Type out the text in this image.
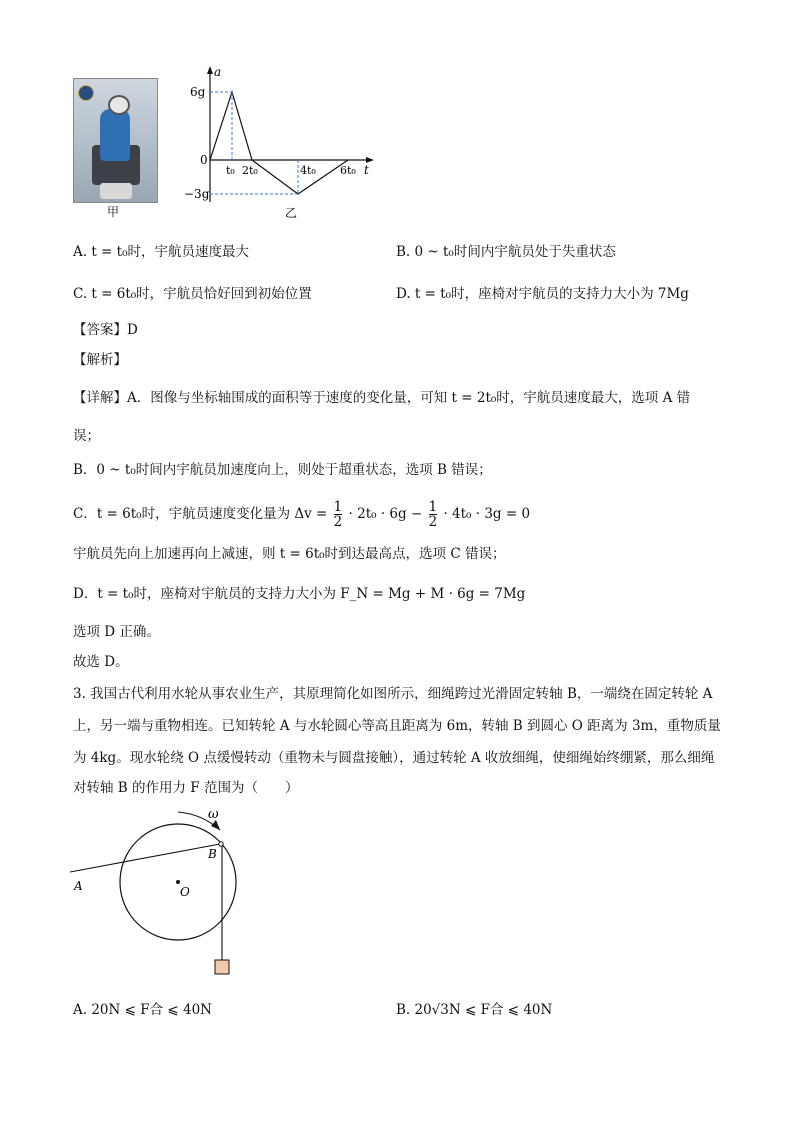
甲
a
6g
0
−3g
t₀ 2t₀	4t₀ 6t₀ t
乙
A. t = t₀时，宇航员速度最大	B. 0 ~ t₀时间内宇航员处于失重状态
C. t = 6t₀时，宇航员恰好回到初始位置	D. t = t₀时，座椅对宇航员的支持力大小为 7Mg
【答案】D
【解析】
【详解】A．图像与坐标轴围成的面积等于速度的变化量，可知 t = 2t₀时，宇航员速度最大，选项 A 错
误；
B．0 ~ t₀时间内宇航员加速度向上，则处于超重状态，选项 B 错误；
C．t = 6t₀时，宇航员速度变化量为 $\Delta v = \frac{1}{2} \cdot 2t_0 \cdot 6g - \frac{1}{2} \cdot 4t_0 \cdot 3g = 0$
宇航员先向上加速再向上减速，则 t = 6t₀时到达最高点，选项 C 错误；
D．t = t₀时，座椅对宇航员的支持力大小为 F_N = Mg + M · 6g = 7Mg
选项 D 正确。
故选 D。
3. 我国古代利用水轮从事农业生产，其原理简化如图所示，细绳跨过光滑固定转轴 B，一端绕在固定转轮 A
上，另一端与重物相连。已知转轮 A 与水轮圆心等高且距离为 6m，转轴 B 到圆心 O 距离为 3m，重物质量
为 4kg。现水轮绕 O 点缓慢转动（重物未与圆盘接触），通过转轮 A 收放细绳，使细绳始终绷紧，那么细绳
对转轴 B 的作用力 F 范围为（　　）
ω
A
B
O
A. 20N ⩽ F合 ⩽ 40N	B. 20√3N ⩽ F合 ⩽ 40N
